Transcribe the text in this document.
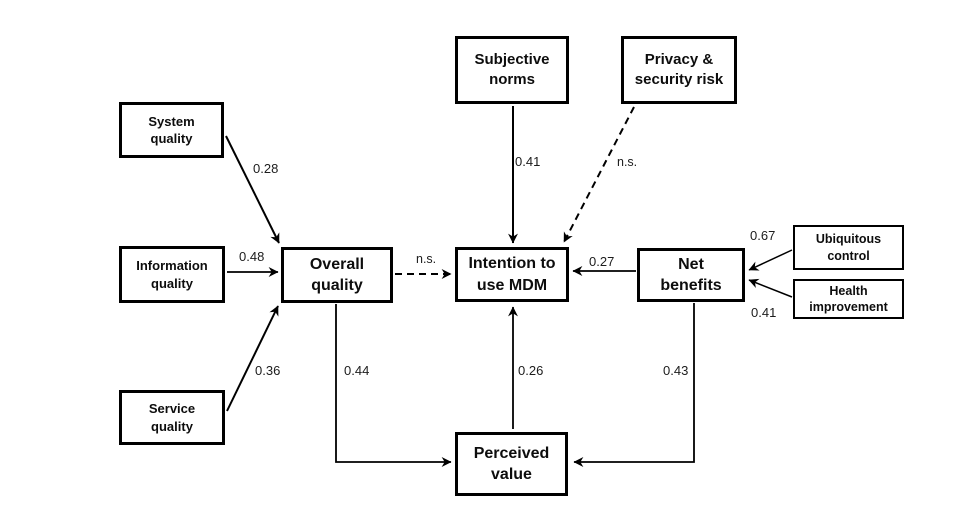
System
quality
Information
quality
Service
quality
Overall
quality
Subjective
norms
Privacy &
security risk
Intention to
use MDM
Net
benefits
Ubiquitous
control
Health
improvement
Perceived
value
0.28
0.48
0.36
n.s.
0.41	n.s.
0.27
0.67
0.41
0.44	0.26	0.43
